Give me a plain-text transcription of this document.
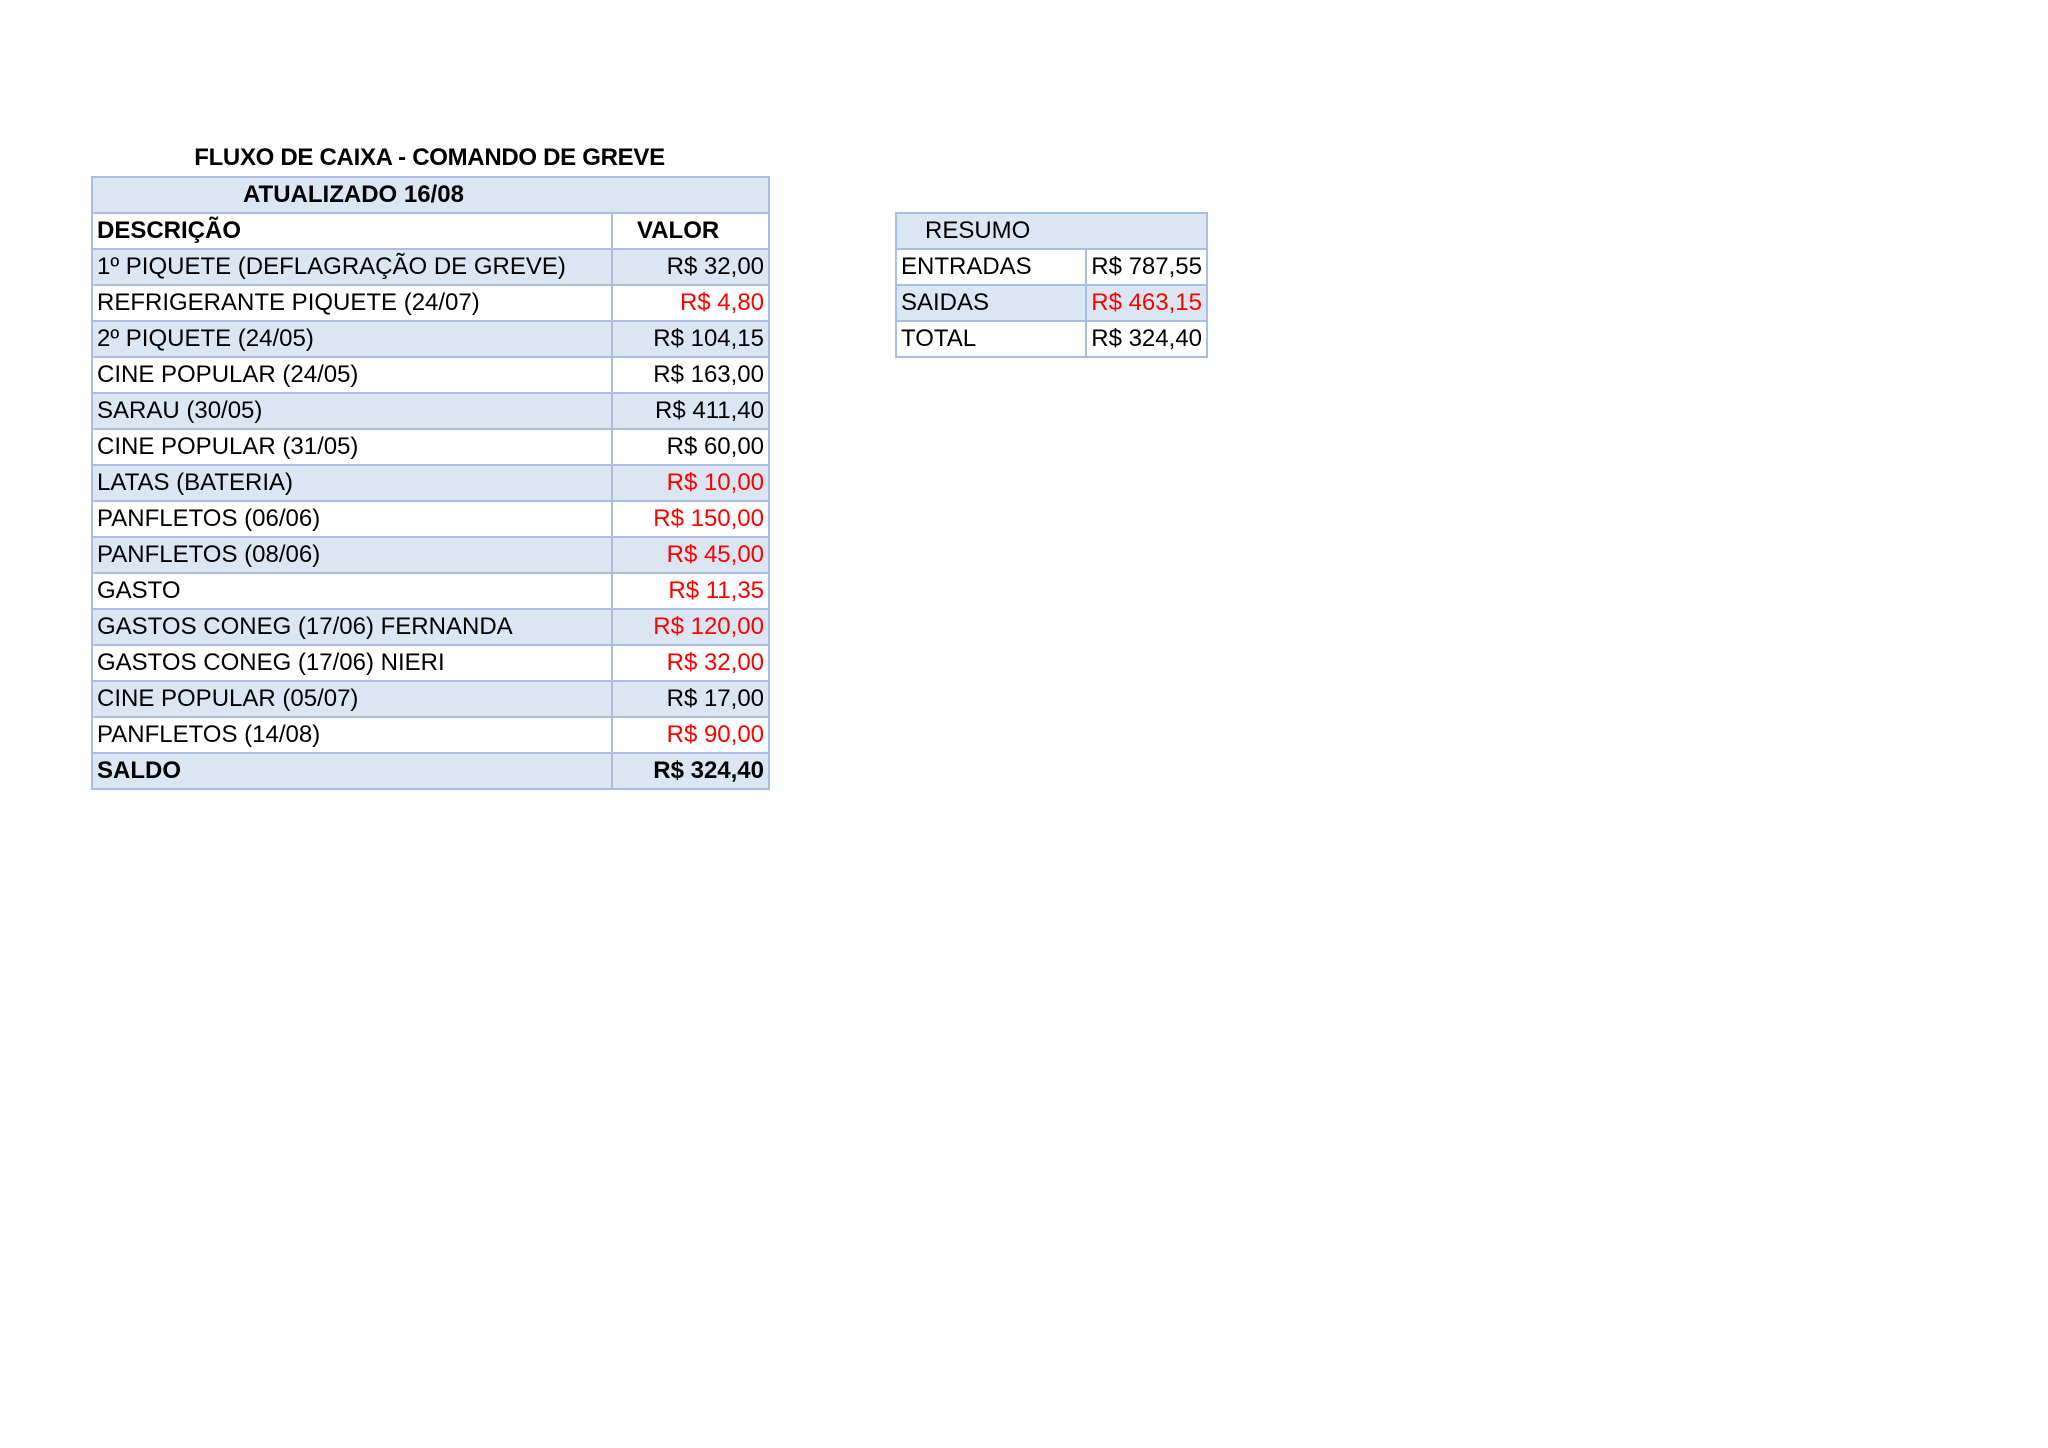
FLUXO DE CAIXA - COMANDO DE GREVE
ATUALIZADO 16/08	
DESCRIÇÃO	VALOR
1º PIQUETE (DEFLAGRAÇÃO DE GREVE)	R$ 32,00
REFRIGERANTE PIQUETE (24/07)	R$ 4,80
2º PIQUETE (24/05)	R$ 104,15
CINE POPULAR (24/05)	R$ 163,00
SARAU (30/05)	R$ 411,40
CINE POPULAR (31/05)	R$ 60,00
LATAS (BATERIA)	R$ 10,00
PANFLETOS (06/06)	R$ 150,00
PANFLETOS (08/06)	R$ 45,00
GASTO	R$ 11,35
GASTOS CONEG (17/06) FERNANDA	R$ 120,00
GASTOS CONEG (17/06) NIERI	R$ 32,00
CINE POPULAR (05/07)	R$ 17,00
PANFLETOS (14/08)	R$ 90,00
SALDO	R$ 324,40
RESUMO	
ENTRADAS	R$ 787,55
SAIDAS	R$ 463,15
TOTAL	R$ 324,40
